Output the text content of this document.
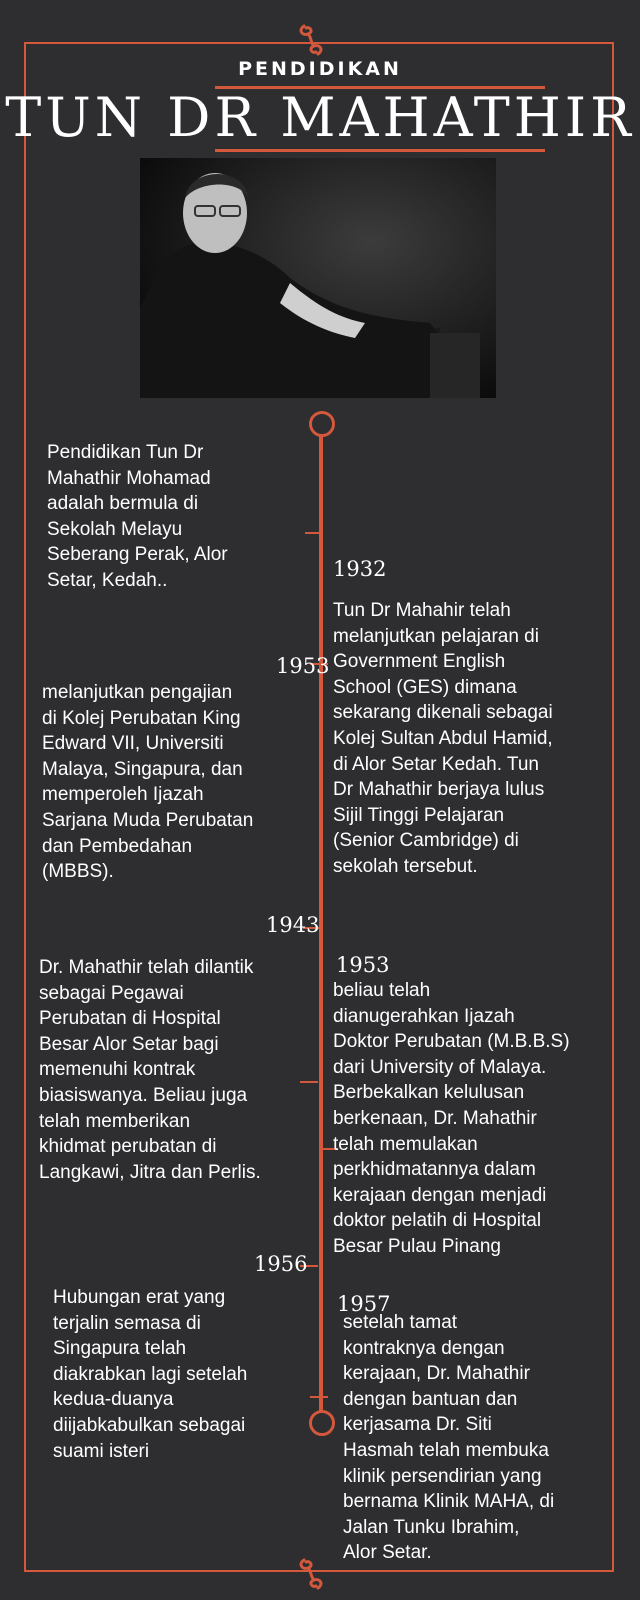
PENDIDIKAN
TUN DR MAHATHIR

Pendidikan Tun Dr
Mahathir Mohamad
adalah bermula di
Sekolah Melayu
Seberang Perak, Alor
Setar, Kedah..	1932

Tun Dr Mahahir telah
melanjutkan pelajaran di
Government English
School (GES) dimana
sekarang dikenali sebagai
Kolej Sultan Abdul Hamid,
di Alor Setar Kedah. Tun
Dr Mahathir berjaya lulus
Sijil Tinggi Pelajaran
(Senior Cambridge) di
sekolah tersebut.

1953

melanjutkan pengajian
di Kolej Perubatan King
Edward VII, Universiti
Malaya, Singapura, dan
memperoleh Ijazah
Sarjana Muda Perubatan
dan Pembedahan
(MBBS).

1943

Dr. Mahathir telah dilantik
sebagai Pegawai
Perubatan di Hospital
Besar Alor Setar bagi
memenuhi kontrak
biasiswanya. Beliau juga
telah memberikan
khidmat perubatan di
Langkawi, Jitra dan Perlis.

1953

beliau telah
dianugerahkan Ijazah
Doktor Perubatan (M.B.B.S)
dari University of Malaya.
Berbekalkan kelulusan
berkenaan, Dr. Mahathir
telah memulakan
perkhidmatannya dalam
kerajaan dengan menjadi
doktor pelatih di Hospital
Besar Pulau Pinang

1956

Hubungan erat yang
terjalin semasa di
Singapura telah
diakrabkan lagi setelah
kedua-duanya
diijabkabulkan sebagai
suami isteri

1957

setelah tamat
kontraknya dengan
kerajaan, Dr. Mahathir
dengan bantuan dan
kerjasama Dr. Siti
Hasmah telah membuka
klinik persendirian yang
bernama Klinik MAHA, di
Jalan Tunku Ibrahim,
Alor Setar.
